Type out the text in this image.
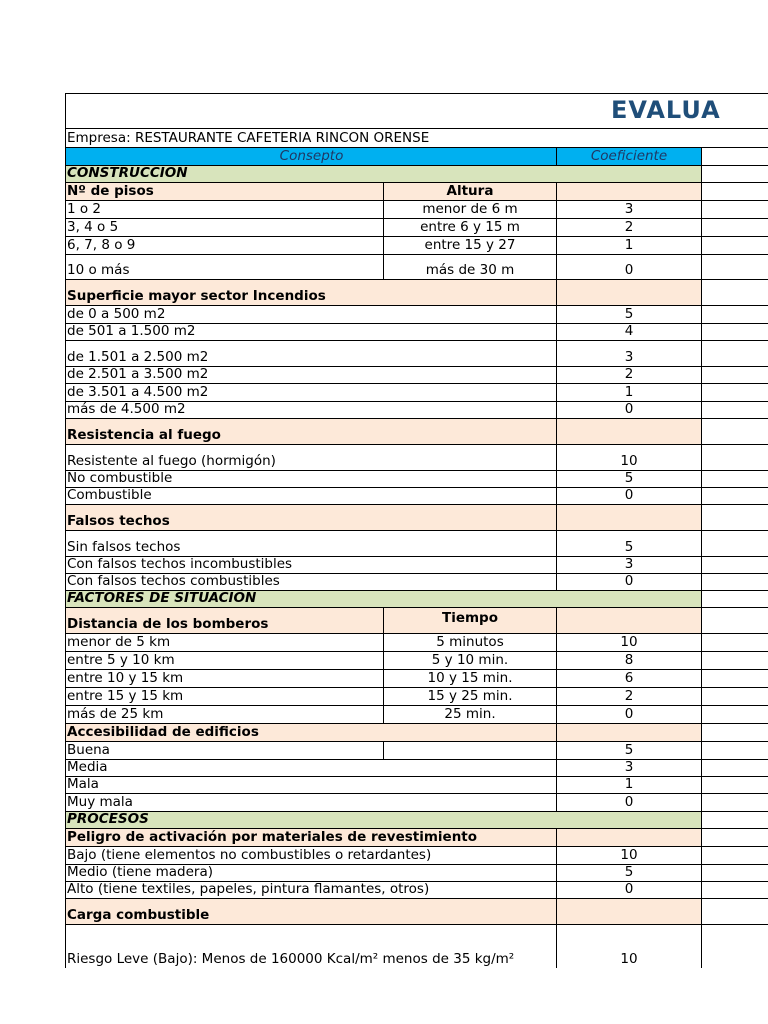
EVALUA
Empresa: RESTAURANTE CAFETERIA RINCON ORENSE
Consepto	Coeficiente
CONSTRUCCION
Nº de pisos	Altura
1 o 2	menor de 6 m	3
3, 4 o 5	entre 6 y 15 m	2
6, 7, 8 o 9	entre 15 y 27	1
10 o más	más de 30 m	0
Superficie mayor sector Incendios
de 0 a 500 m2	5
de 501 a 1.500 m2	4
de 1.501 a 2.500 m2	3
de 2.501 a 3.500 m2	2
de 3.501 a 4.500 m2	1
más de 4.500 m2	0
Resistencia al fuego
Resistente al fuego (hormigón)	10
No combustible	5
Combustible	0
Falsos techos
Sin falsos techos	5
Con falsos techos incombustibles	3
Con falsos techos combustibles	0
FACTORES DE SITUACIÓN
Distancia de los bomberos	Tiempo
menor de 5 km	5 minutos	10
entre 5 y 10 km	5 y 10 min.	8
entre 10 y 15 km	10 y 15 min.	6
entre 15 y 15 km	15 y 25 min.	2
más de 25 km	25 min.	0
Accesibilidad de edificios
Buena	5
Media	3
Mala	1
Muy mala	0
PROCESOS
Peligro de activación por materiales de revestimiento
Bajo (tiene elementos no combustibles o retardantes)	10
Medio (tiene madera)	5
Alto (tiene textiles, papeles, pintura flamantes, otros)	0
Carga combustible
Riesgo Leve (Bajo): Menos de 160000 Kcal/m² menos de 35 kg/m²	10
